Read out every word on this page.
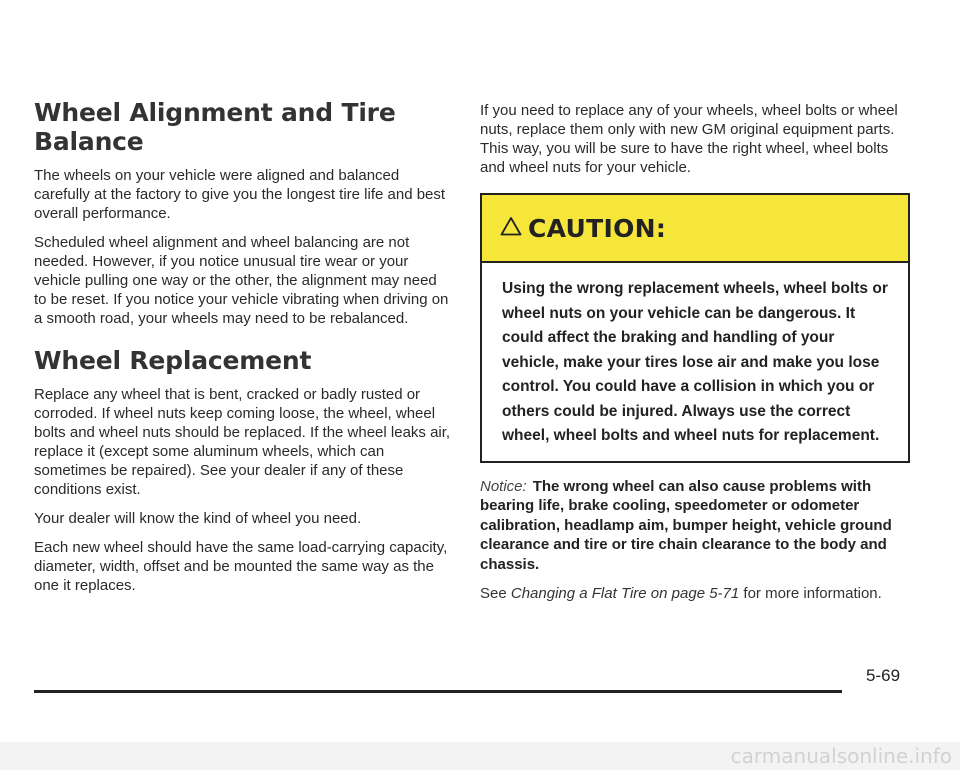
Wheel Alignment and Tire Balance

The wheels on your vehicle were aligned and balanced carefully at the factory to give you the longest tire life and best overall performance.

Scheduled wheel alignment and wheel balancing are not needed. However, if you notice unusual tire wear or your vehicle pulling one way or the other, the alignment may need to be reset. If you notice your vehicle vibrating when driving on a smooth road, your wheels may need to be rebalanced.

Wheel Replacement

Replace any wheel that is bent, cracked or badly rusted or corroded. If wheel nuts keep coming loose, the wheel, wheel bolts and wheel nuts should be replaced. If the wheel leaks air, replace it (except some aluminum wheels, which can sometimes be repaired). See your dealer if any of these conditions exist.

Your dealer will know the kind of wheel you need.

Each new wheel should have the same load-carrying capacity, diameter, width, offset and be mounted the same way as the one it replaces.

If you need to replace any of your wheels, wheel bolts or wheel nuts, replace them only with new GM original equipment parts. This way, you will be sure to have the right wheel, wheel bolts and wheel nuts for your vehicle.

CAUTION:
Using the wrong replacement wheels, wheel bolts or wheel nuts on your vehicle can be dangerous. It could affect the braking and handling of your vehicle, make your tires lose air and make you lose control. You could have a collision in which you or others could be injured. Always use the correct wheel, wheel bolts and wheel nuts for replacement.
Notice: The wrong wheel can also cause problems with bearing life, brake cooling, speedometer or odometer calibration, headlamp aim, bumper height, vehicle ground clearance and tire or tire chain clearance to the body and chassis.
See Changing a Flat Tire on page 5-71 for more information.
5-69
carmanualsonline.info
